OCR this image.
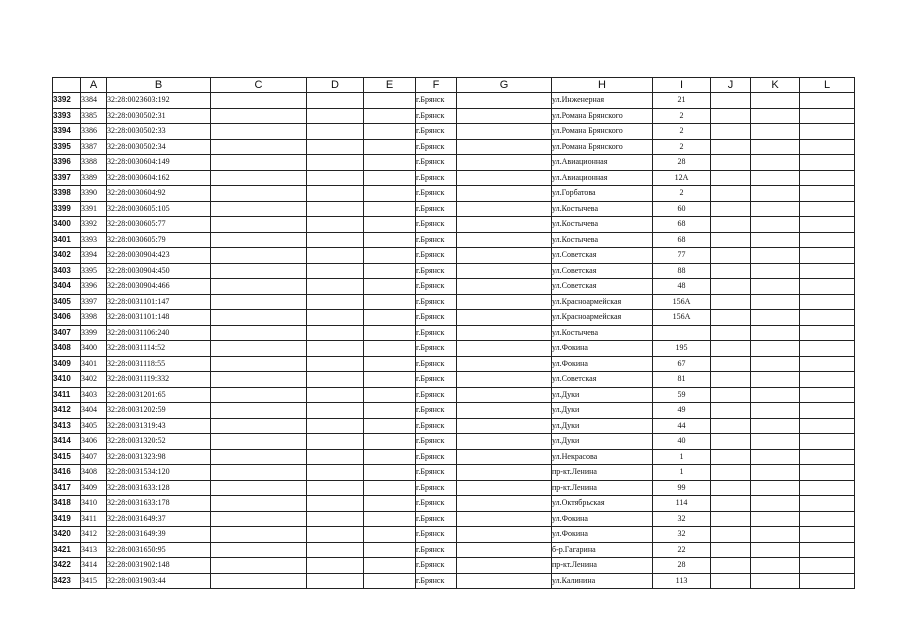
	A	B	C	D	E	F	G	H	I	J	K	L
3392	3384	32:28:0023603:192				г.Брянск		ул.Инженерная	21			
3393	3385	32:28:0030502:31				г.Брянск		ул.Романа Брянского	2			
3394	3386	32:28:0030502:33				г.Брянск		ул.Романа Брянского	2			
3395	3387	32:28:0030502:34				г.Брянск		ул.Романа Брянского	2			
3396	3388	32:28:0030604:149				г.Брянск		ул.Авиационная	28			
3397	3389	32:28:0030604:162				г.Брянск		ул.Авиационная	12А			
3398	3390	32:28:0030604:92				г.Брянск		ул.Горбатова	2			
3399	3391	32:28:0030605:105				г.Брянск		ул.Костычева	60			
3400	3392	32:28:0030605:77				г.Брянск		ул.Костычева	68			
3401	3393	32:28:0030605:79				г.Брянск		ул.Костычева	68			
3402	3394	32:28:0030904:423				г.Брянск		ул.Советская	77			
3403	3395	32:28:0030904:450				г.Брянск		ул.Советская	88			
3404	3396	32:28:0030904:466				г.Брянск		ул.Советская	48			
3405	3397	32:28:0031101:147				г.Брянск		ул.Красноармейская	156А			
3406	3398	32:28:0031101:148				г.Брянск		ул.Красноармейская	156А			
3407	3399	32:28:0031106:240				г.Брянск		ул.Костычева				
3408	3400	32:28:0031114:52				г.Брянск		ул.Фокина	195			
3409	3401	32:28:0031118:55				г.Брянск		ул.Фокина	67			
3410	3402	32:28:0031119:332				г.Брянск		ул.Советская	81			
3411	3403	32:28:0031201:65				г.Брянск		ул.Дуки	59			
3412	3404	32:28:0031202:59				г.Брянск		ул.Дуки	49			
3413	3405	32:28:0031319:43				г.Брянск		ул.Дуки	44			
3414	3406	32:28:0031320:52				г.Брянск		ул.Дуки	40			
3415	3407	32:28:0031323:98				г.Брянск		ул.Некрасова	1			
3416	3408	32:28:0031534:120				г.Брянск		пр-кт.Ленина	1			
3417	3409	32:28:0031633:128				г.Брянск		пр-кт.Ленина	99			
3418	3410	32:28:0031633:178				г.Брянск		ул.Октябрьская	114			
3419	3411	32:28:0031649:37				г.Брянск		ул.Фокина	32			
3420	3412	32:28:0031649:39				г.Брянск		ул.Фокина	32			
3421	3413	32:28:0031650:95				г.Брянск		б-р.Гагарина	22			
3422	3414	32:28:0031902:148				г.Брянск		пр-кт.Ленина	28			
3423	3415	32:28:0031903:44				г.Брянск		ул.Калинина	113			
